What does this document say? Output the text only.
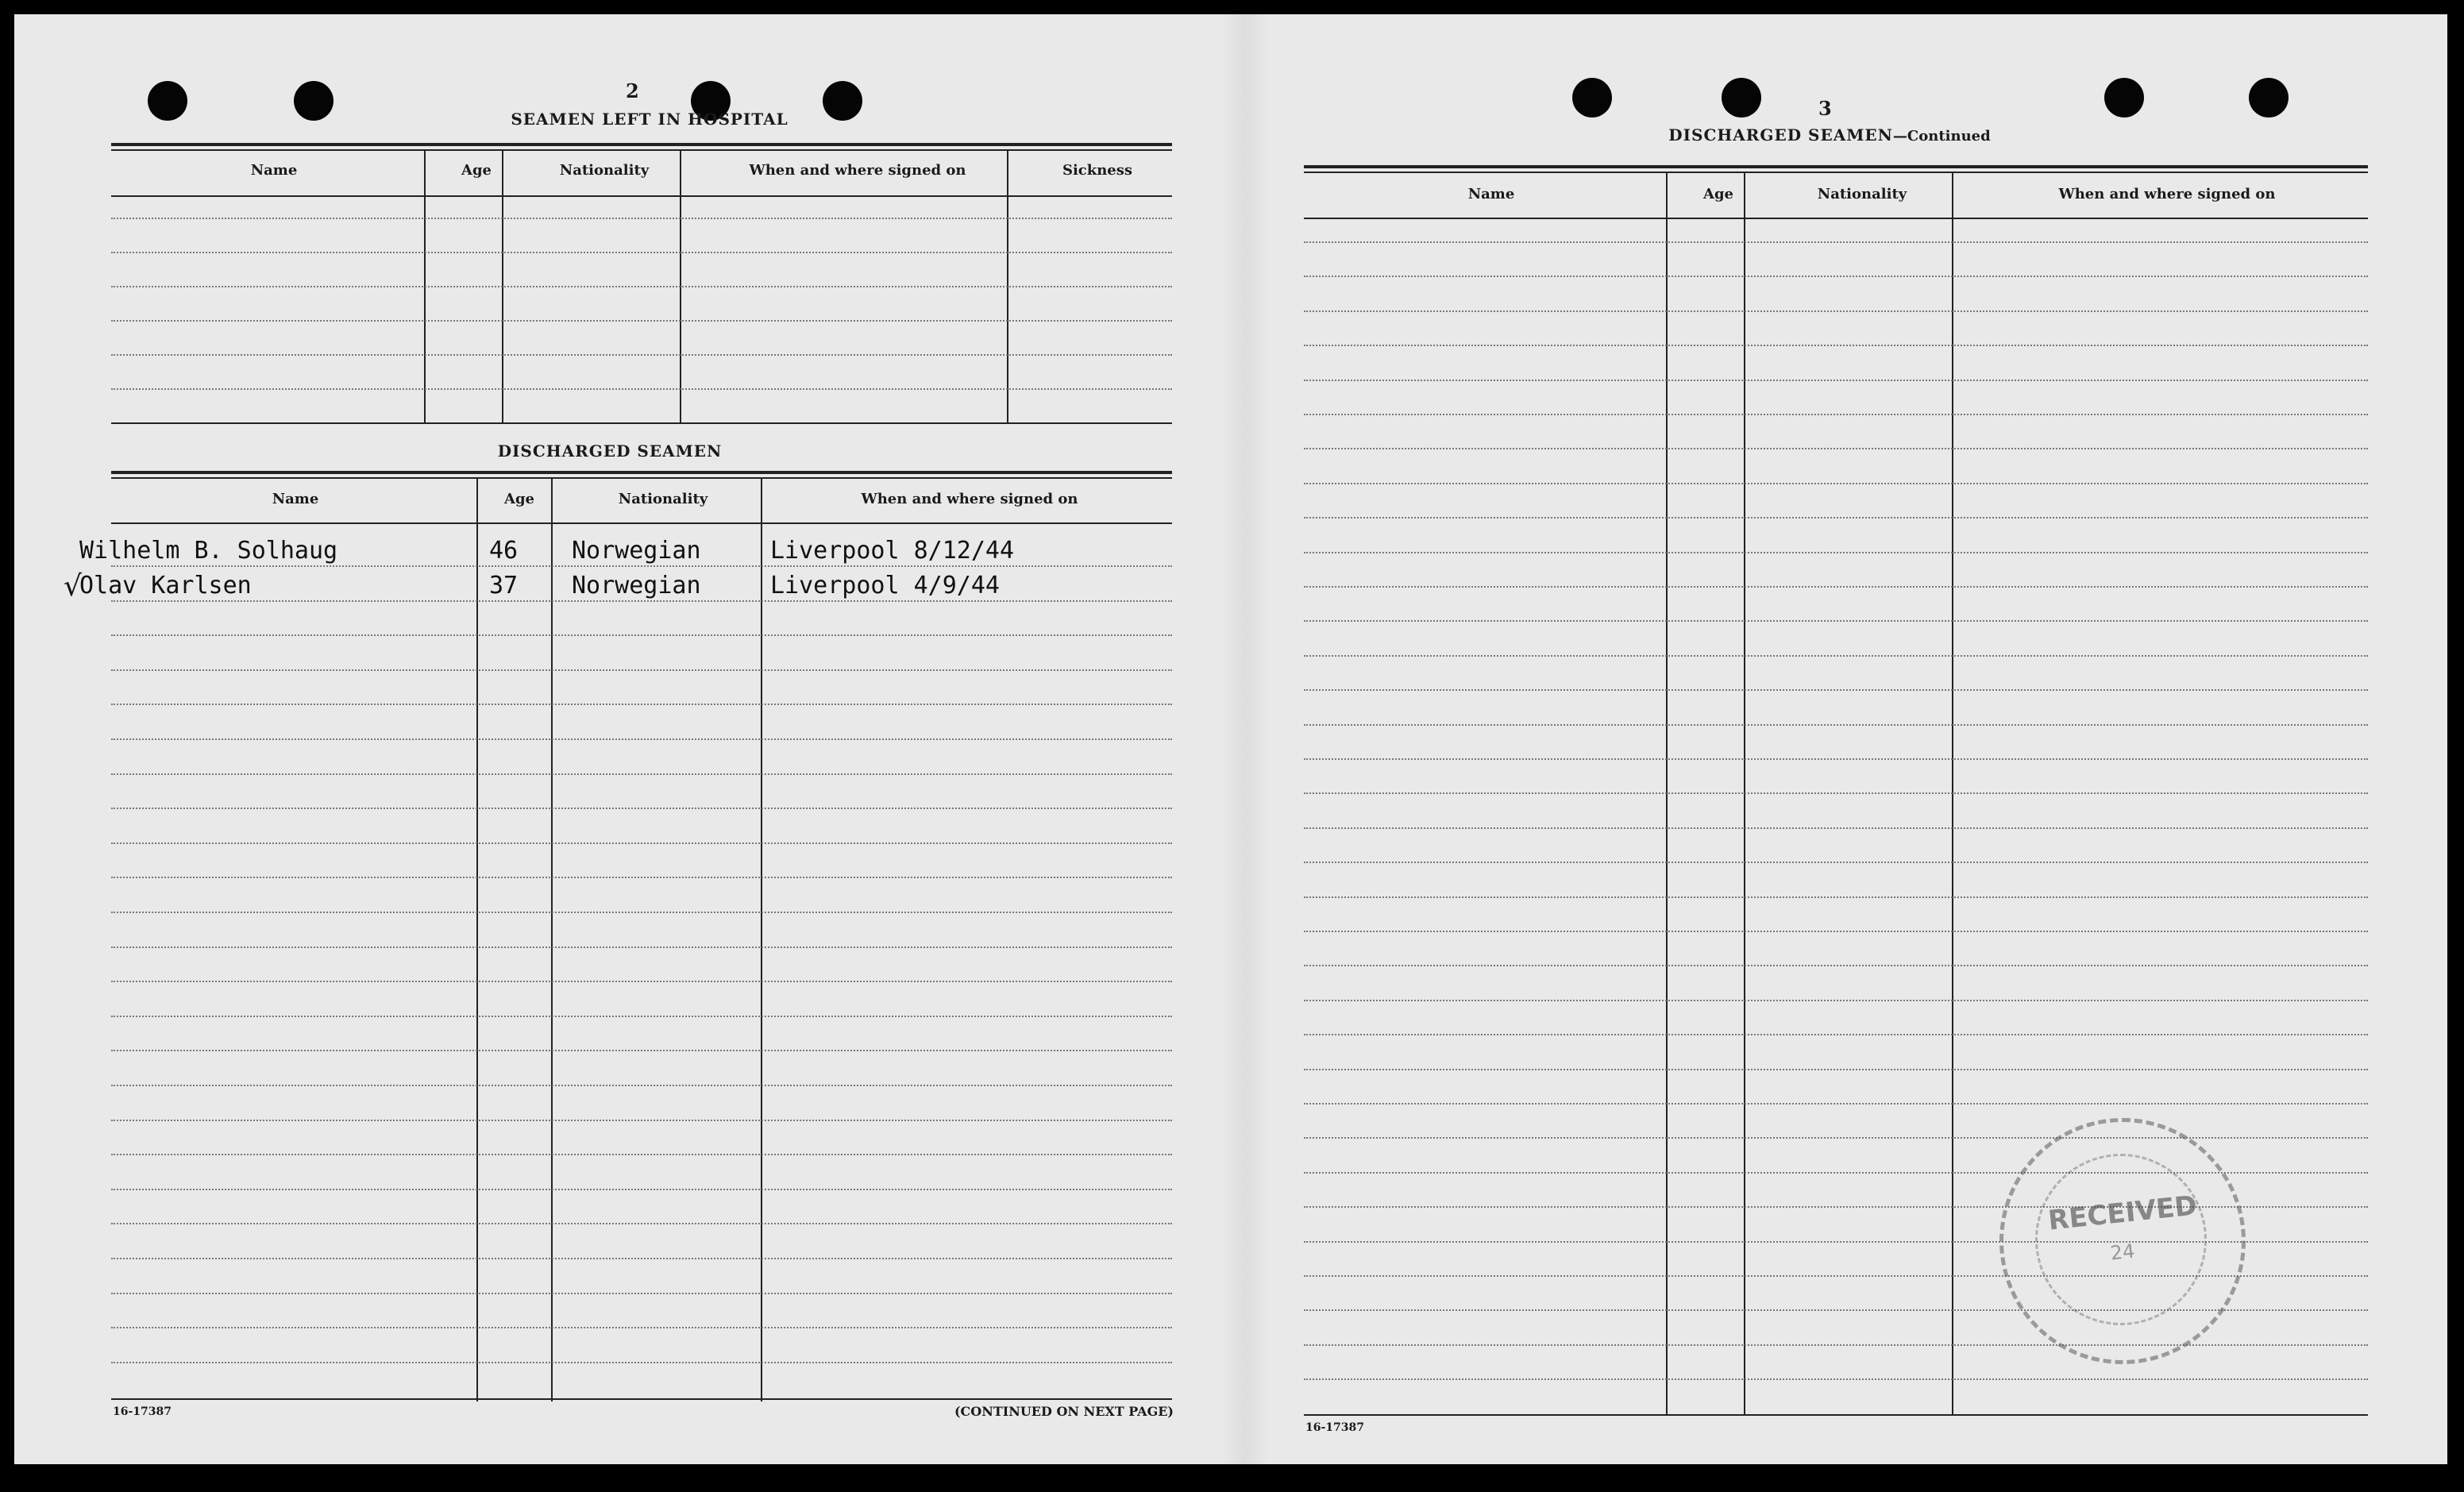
2
SEAMEN LEFT IN HOSPITAL
Name	Age	Nationality	When and where signed on	Sickness
DISCHARGED SEAMEN
Name	Age	Nationality	When and where signed on
Wilhelm B. Solhaug	46 Norwegian	Liverpool 8/12/44
√
Olav Karlsen	37 Norwegian	Liverpool 4/9/44
16-17387	(CONTINUED ON NEXT PAGE)
3
DISCHARGED SEAMEN—Continued
Name	Age	Nationality	When and where signed on
16-17387
RECEIVED
24
